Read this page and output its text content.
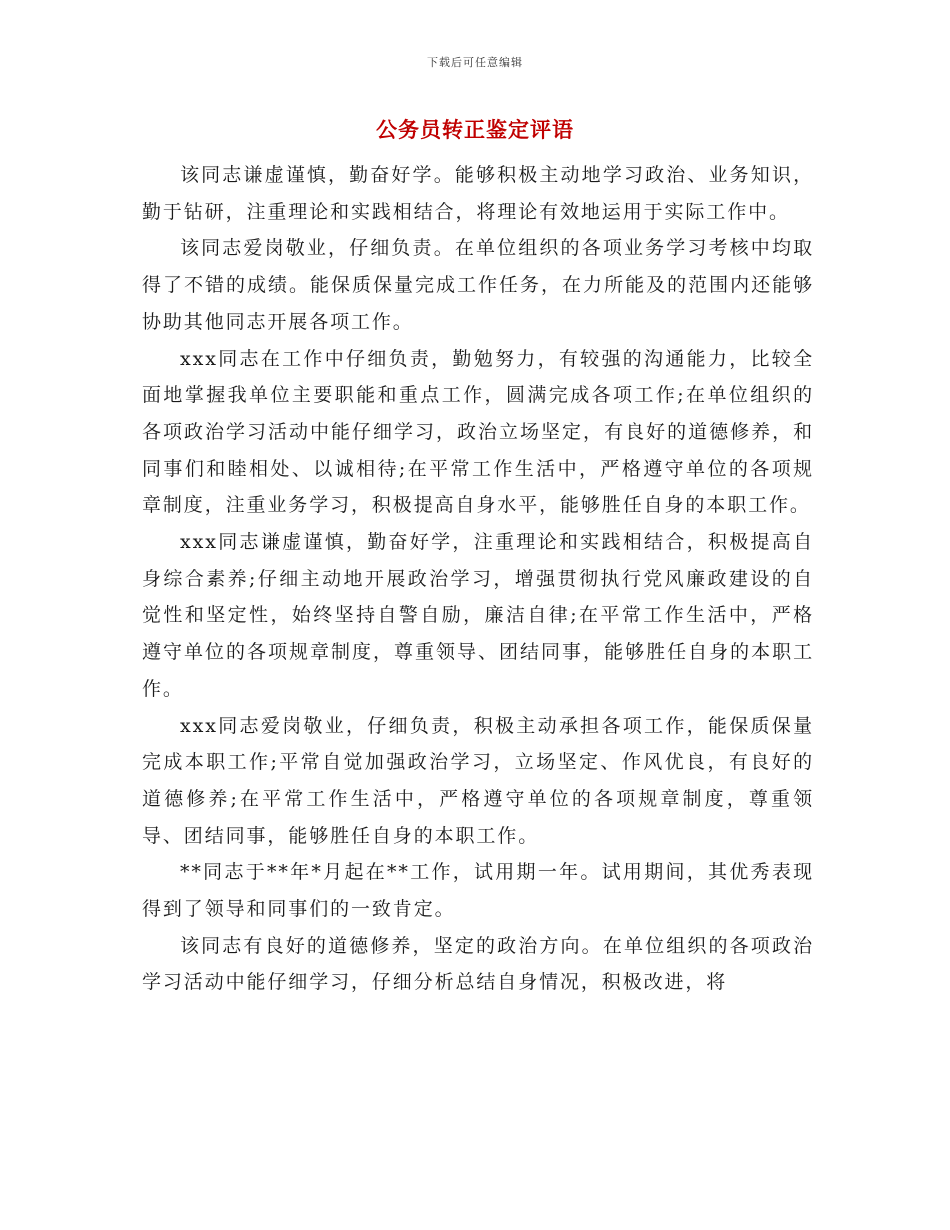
下载后可任意编辑
公务员转正鉴定评语

该同志谦虚谨慎，勤奋好学。能够积极主动地学习政治、业务知识，勤于钻研，注重理论和实践相结合，将理论有效地运用于实际工作中。

该同志爱岗敬业，仔细负责。在单位组织的各项业务学习考核中均取得了不错的成绩。能保质保量完成工作任务，在力所能及的范围内还能够协助其他同志开展各项工作。

xxx同志在工作中仔细负责，勤勉努力，有较强的沟通能力，比较全面地掌握我单位主要职能和重点工作，圆满完成各项工作;在单位组织的各项政治学习活动中能仔细学习，政治立场坚定，有良好的道德修养，和同事们和睦相处、以诚相待;在平常工作生活中，严格遵守单位的各项规章制度，注重业务学习，积极提高自身水平，能够胜任自身的本职工作。

xxx同志谦虚谨慎，勤奋好学，注重理论和实践相结合，积极提高自身综合素养;仔细主动地开展政治学习，增强贯彻执行党风廉政建设的自觉性和坚定性，始终坚持自警自励，廉洁自律;在平常工作生活中，严格遵守单位的各项规章制度，尊重领导、团结同事，能够胜任自身的本职工作。

xxx同志爱岗敬业，仔细负责，积极主动承担各项工作，能保质保量完成本职工作;平常自觉加强政治学习，立场坚定、作风优良，有良好的道德修养;在平常工作生活中，严格遵守单位的各项规章制度，尊重领导、团结同事，能够胜任自身的本职工作。

**同志于**年*月起在**工作，试用期一年。试用期间，其优秀表现得到了领导和同事们的一致肯定。

该同志有良好的道德修养，坚定的政治方向。在单位组织的各项政治学习活动中能仔细学习，仔细分析总结自身情况，积极改进，将
